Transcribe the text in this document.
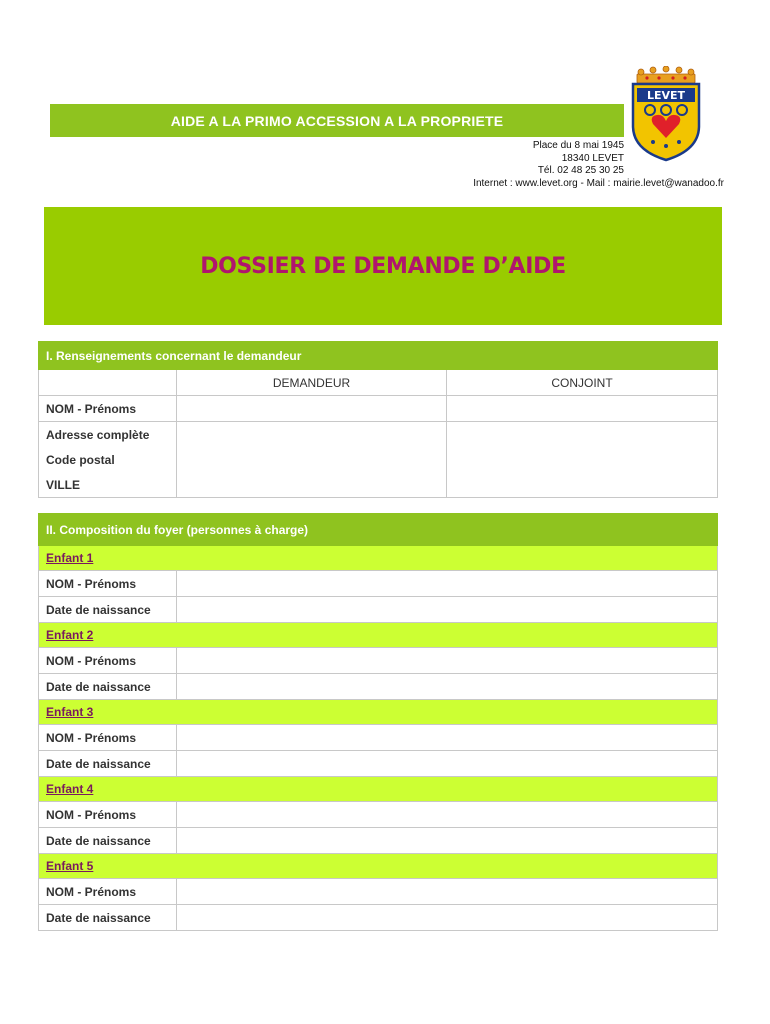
AIDE A LA PRIMO ACCESSION A LA PROPRIETE
Place du 8 mai 1945
18340 LEVET
Tél. 02 48 25 30 25
Internet : www.levet.org - Mail : mairie.levet@wanadoo.fr
LEVET
DOSSIER DE DEMANDE D’AIDE
I. Renseignements concernant le demandeur		
	DEMANDEUR	CONJOINT
NOM - Prénoms		
Adresse complète		
Code postal		
VILLE		
II. Composition du foyer (personnes à charge)	
Enfant 1	
NOM - Prénoms	
Date de naissance	
Enfant 2	
NOM - Prénoms	
Date de naissance	
Enfant 3	
NOM - Prénoms	
Date de naissance	
Enfant 4	
NOM - Prénoms	
Date de naissance	
Enfant 5	
NOM - Prénoms	
Date de naissance	
